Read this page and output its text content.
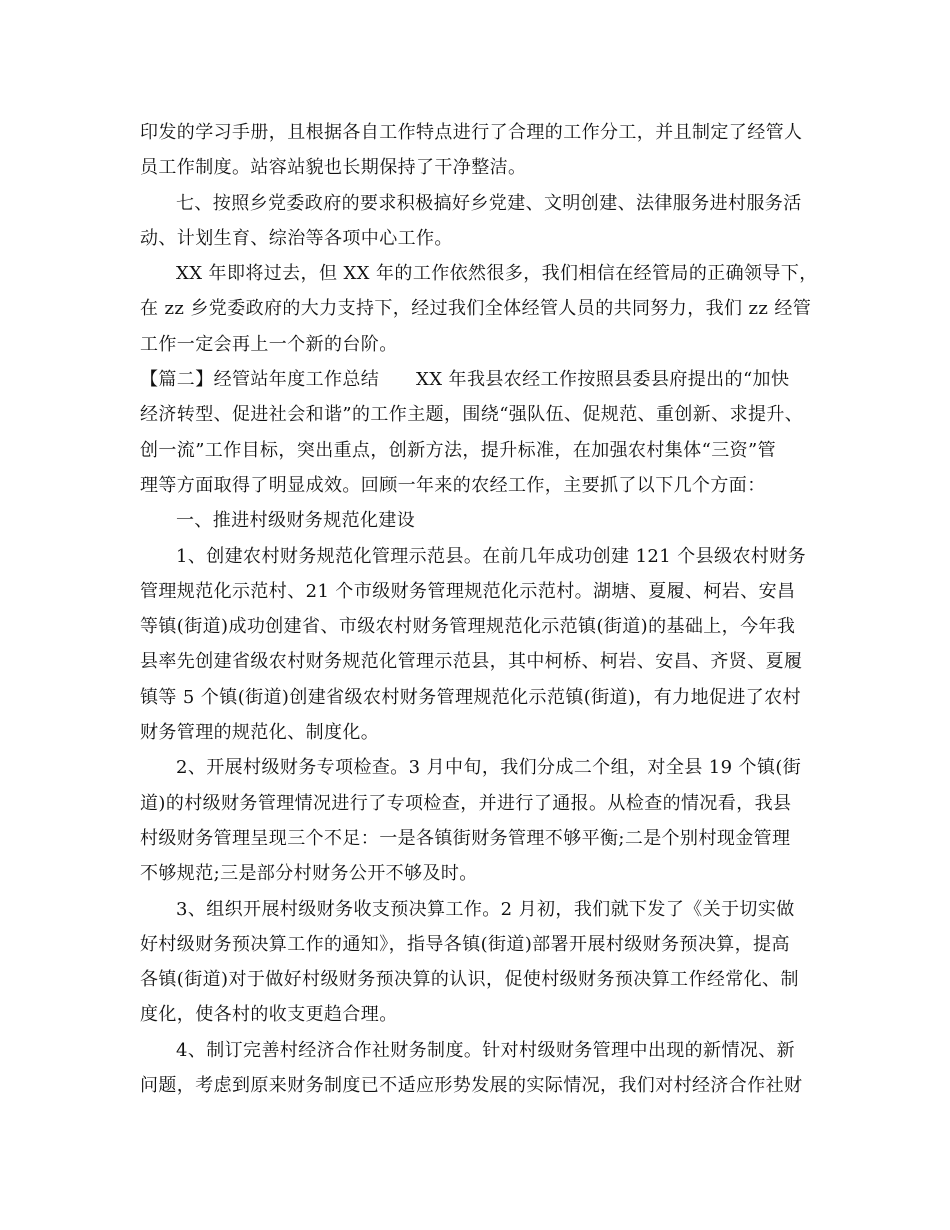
印发的学习手册，且根据各自工作特点进行了合理的工作分工，并且制定了经管人
员工作制度。站容站貌也长期保持了干净整洁。
七、按照乡党委政府的要求积极搞好乡党建、文明创建、法律服务进村服务活
动、计划生育、综治等各项中心工作。
XX 年即将过去，但 XX 年的工作依然很多，我们相信在经管局的正确领导下，
在 zz 乡党委政府的大力支持下，经过我们全体经管人员的共同努力，我们 zz 经管
工作一定会再上一个新的台阶。
【篇二】经管站年度工作总结　　XX 年我县农经工作按照县委县府提出的“加快
经济转型、促进社会和谐”的工作主题，围绕“强队伍、促规范、重创新、求提升、
创一流”工作目标，突出重点，创新方法，提升标准，在加强农村集体“三资”管
理等方面取得了明显成效。回顾一年来的农经工作，主要抓了以下几个方面：
一、推进村级财务规范化建设
1、创建农村财务规范化管理示范县。在前几年成功创建 121 个县级农村财务
管理规范化示范村、21 个市级财务管理规范化示范村。湖塘、夏履、柯岩、安昌
等镇(街道)成功创建省、市级农村财务管理规范化示范镇(街道)的基础上，今年我
县率先创建省级农村财务规范化管理示范县，其中柯桥、柯岩、安昌、齐贤、夏履
镇等 5 个镇(街道)创建省级农村财务管理规范化示范镇(街道)，有力地促进了农村
财务管理的规范化、制度化。
2、开展村级财务专项检查。3 月中旬，我们分成二个组，对全县 19 个镇(街
道)的村级财务管理情况进行了专项检查，并进行了通报。从检查的情况看，我县
村级财务管理呈现三个不足：一是各镇街财务管理不够平衡;二是个别村现金管理
不够规范;三是部分村财务公开不够及时。
3、组织开展村级财务收支预决算工作。2 月初，我们就下发了《关于切实做
好村级财务预决算工作的通知》，指导各镇(街道)部署开展村级财务预决算，提高
各镇(街道)对于做好村级财务预决算的认识，促使村级财务预决算工作经常化、制
度化，使各村的收支更趋合理。
4、制订完善村经济合作社财务制度。针对村级财务管理中出现的新情况、新
问题，考虑到原来财务制度已不适应形势发展的实际情况，我们对村经济合作社财
